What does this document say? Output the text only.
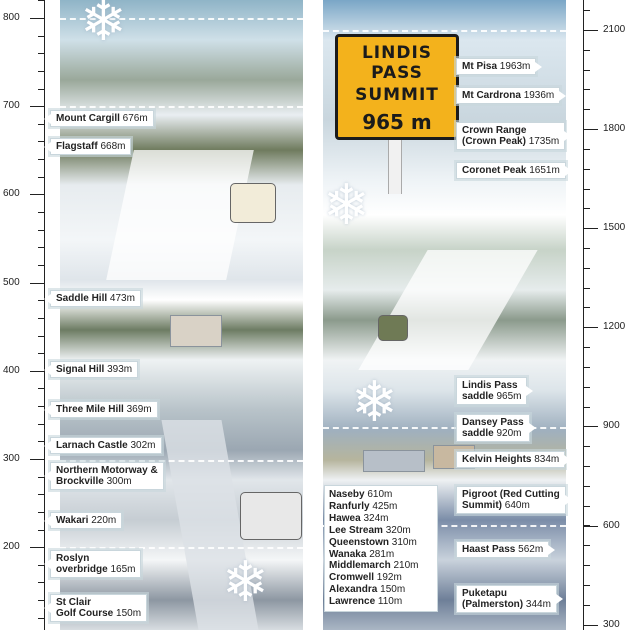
❄
❄
❄
❄
LINDIS PASS
SUMMIT
965 m
800
700
600
500
400
300
200
2100
1800
1500
1200
900
600
300
Mount Cargill 676m
Flagstaff 668m
Saddle Hill 473m
Signal Hill 393m
Three Mile Hill 369m
Larnach Castle 302m
Northern Motorway &
Brockville 300m
Wakari 220m
Roslyn
overbridge 165m
St Clair
Golf Course 150m
Mt Pisa 1963m
Mt Cardrona 1936m
Crown Range
(Crown Peak) 1735m
Coronet Peak 1651m
Lindis Pass
saddle 965m
Dansey Pass
saddle 920m
Kelvin Heights 834m
Pigroot (Red Cutting
Summit) 640m
Haast Pass 562m
Puketapu
(Palmerston) 344m
Naseby 610m
Ranfurly 425m
Hawea 324m
Lee Stream 320m
Queenstown 310m
Wanaka 281m
Middlemarch 210m
Cromwell 192m
Alexandra 150m
Lawrence 110m
